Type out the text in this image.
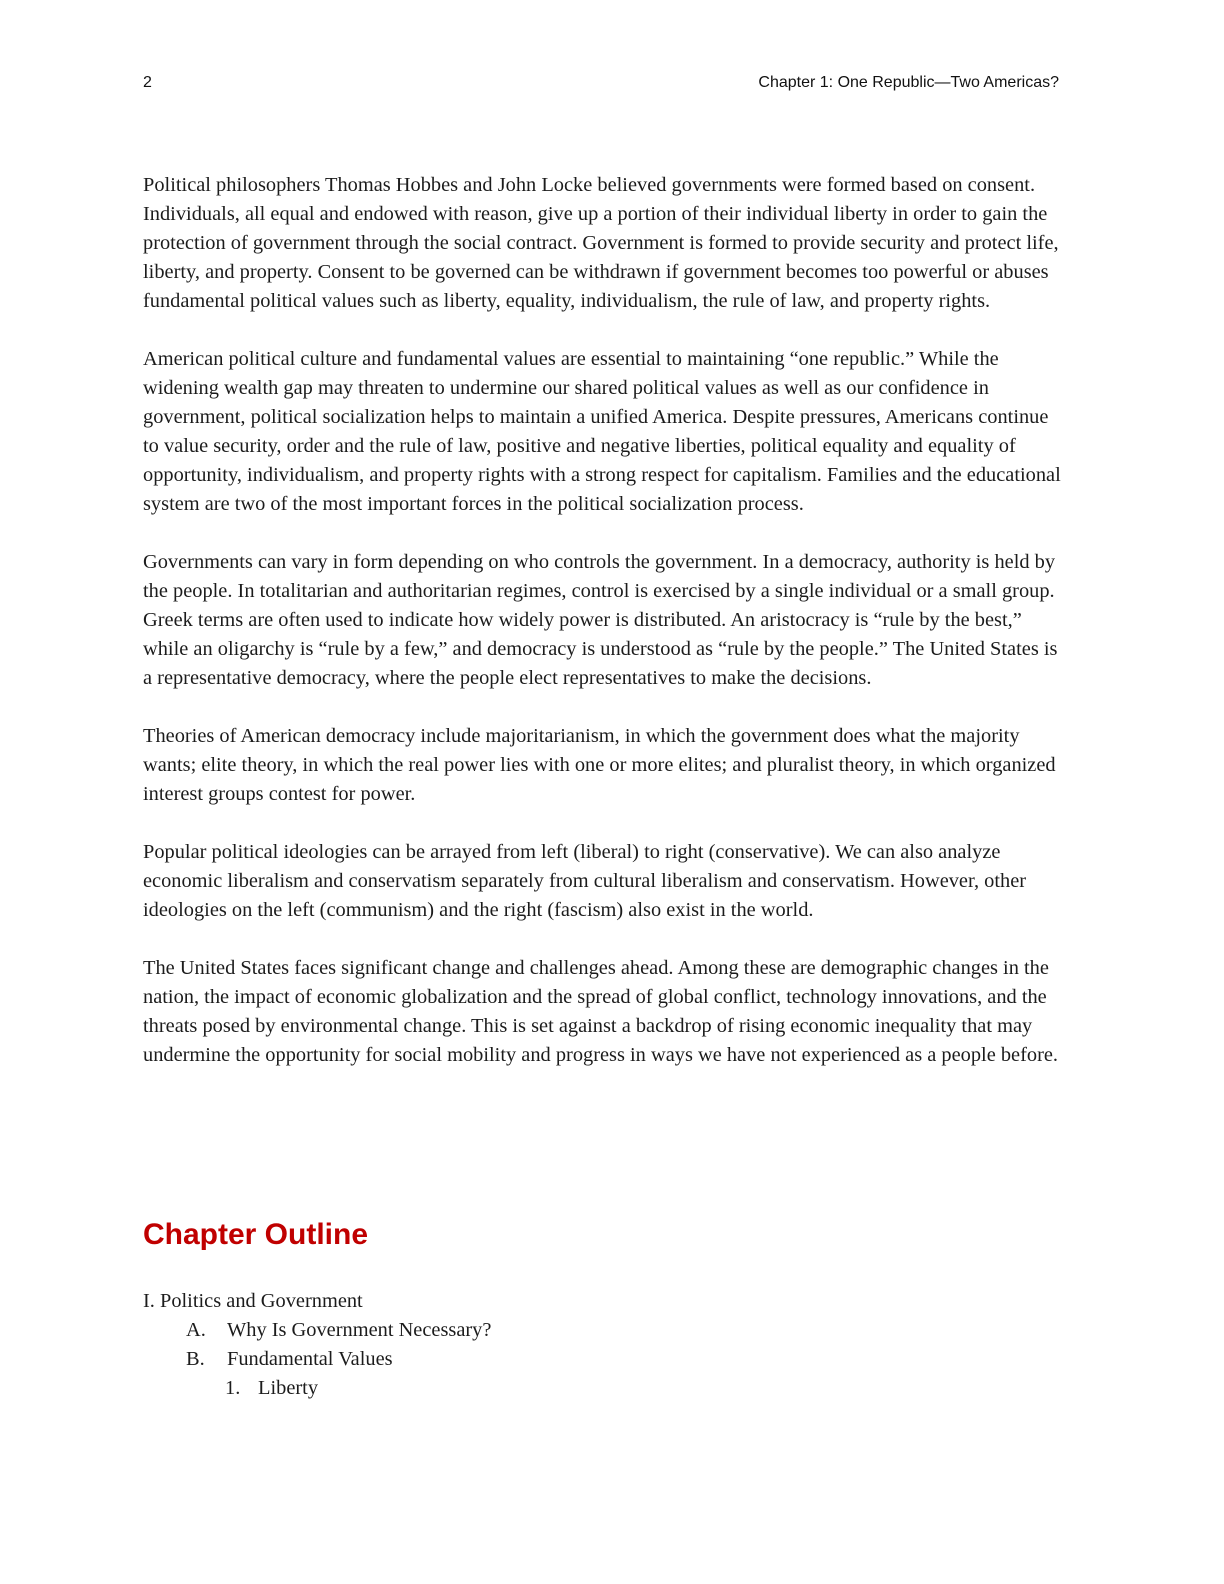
2	Chapter 1: One Republic—Two Americas?

Political philosophers Thomas Hobbes and John Locke believed governments were formed based on consent. Individuals, all equal and endowed with reason, give up a portion of their individual liberty in order to gain the protection of government through the social contract. Government is formed to provide security and protect life, liberty, and property. Consent to be governed can be withdrawn if government becomes too powerful or abuses fundamental political values such as liberty, equality, individualism, the rule of law, and property rights.

American political culture and fundamental values are essential to maintaining “one republic.” While the widening wealth gap may threaten to undermine our shared political values as well as our confidence in government, political socialization helps to maintain a unified America. Despite pressures, Americans continue to value security, order and the rule of law, positive and negative liberties, political equality and equality of opportunity, individualism, and property rights with a strong respect for capitalism. Families and the educational system are two of the most important forces in the political socialization process.

Governments can vary in form depending on who controls the government. In a democracy, authority is held by the people. In totalitarian and authoritarian regimes, control is exercised by a single individual or a small group. Greek terms are often used to indicate how widely power is distributed. An aristocracy is “rule by the best,” while an oligarchy is “rule by a few,” and democracy is understood as “rule by the people.” The United States is a representative democracy, where the people elect representatives to make the decisions.

Theories of American democracy include majoritarianism, in which the government does what the majority wants; elite theory, in which the real power lies with one or more elites; and pluralist theory, in which organized interest groups contest for power.

Popular political ideologies can be arrayed from left (liberal) to right (conservative). We can also analyze economic liberalism and conservatism separately from cultural liberalism and conservatism. However, other ideologies on the left (communism) and the right (fascism) also exist in the world.

The United States faces significant change and challenges ahead. Among these are demographic changes in the nation, the impact of economic globalization and the spread of global conflict, technology innovations, and the threats posed by environmental change. This is set against a backdrop of rising economic inequality that may undermine the opportunity for social mobility and progress in ways we have not experienced as a people before.

Chapter Outline
I. Politics and Government
A. Why Is Government Necessary?
B. Fundamental Values
1. Liberty
